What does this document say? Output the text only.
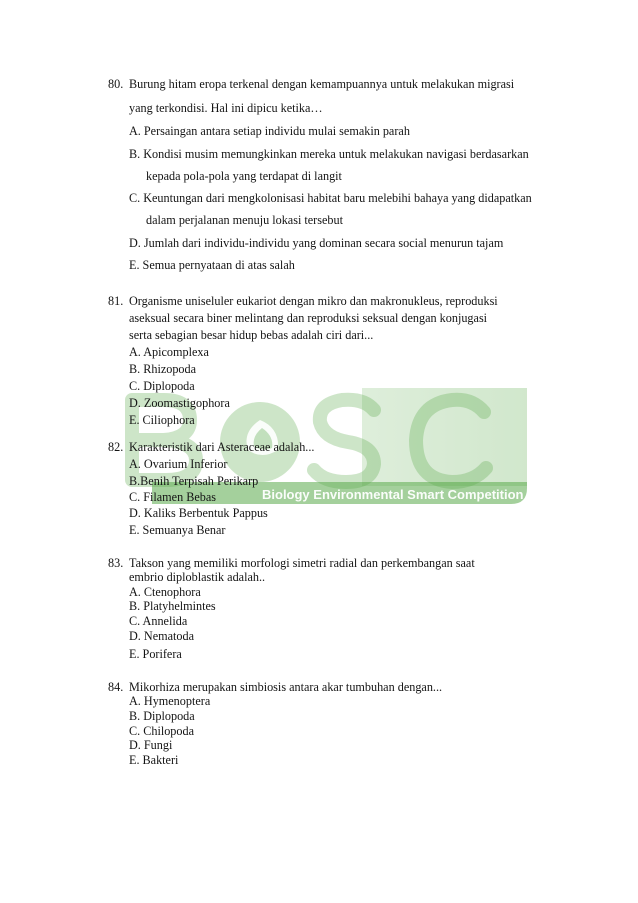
Biology Environmental Smart Competition
80. Burung hitam eropa terkenal dengan kemampuannya untuk melakukan migrasi
yang terkondisi. Hal ini dipicu ketika…
A. Persaingan antara setiap individu mulai semakin parah
B. Kondisi musim memungkinkan mereka untuk melakukan navigasi berdasarkan
kepada pola-pola yang terdapat di langit
C. Keuntungan dari mengkolonisasi habitat baru melebihi bahaya yang didapatkan
dalam perjalanan menuju lokasi tersebut
D. Jumlah dari individu-individu yang dominan secara social menurun tajam
E. Semua pernyataan di atas salah
81. Organisme uniseluler eukariot dengan mikro dan makronukleus, reproduksi
aseksual secara biner melintang dan reproduksi seksual dengan konjugasi
serta sebagian besar hidup bebas adalah ciri dari...
A. Apicomplexa
B. Rhizopoda
C. Diplopoda
D. Zoomastigophora
E. Ciliophora
82. Karakteristik dari Asteraceae adalah...
A. Ovarium Inferior
B.Benih Terpisah Perikarp
C. Filamen Bebas
D. Kaliks Berbentuk Pappus
E. Semuanya Benar
83. Takson yang memiliki morfologi simetri radial dan perkembangan saat
embrio diploblastik adalah..
A. Ctenophora
B. Platyhelmintes
C. Annelida
D. Nematoda
E. Porifera
84. Mikorhiza merupakan simbiosis antara akar tumbuhan dengan...
A. Hymenoptera
B. Diplopoda
C. Chilopoda
D. Fungi
E. Bakteri
